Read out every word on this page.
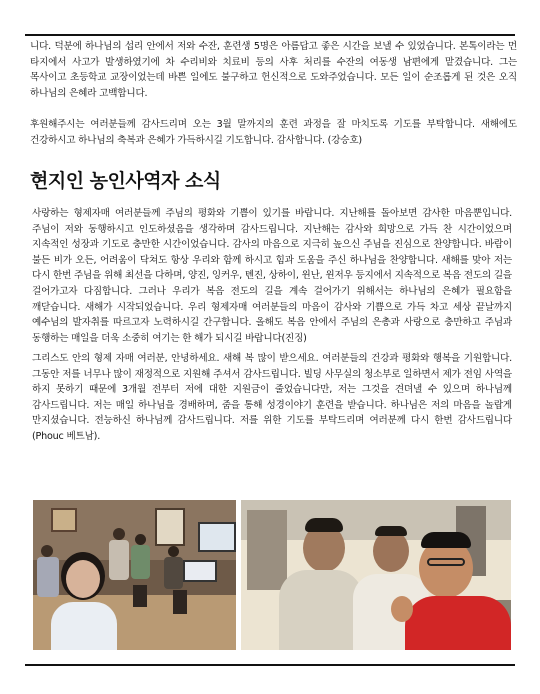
니다. 덕분에 하나님의 섭리 안에서 저와 수잔, 훈련생 5명은 아름답고 좋은 시간을 보낼 수 있었습니다. 본톡이라는 먼 타지에서 사고가 발생하였기에 차 수리비와 치료비 등의 사후 처리를 수잔의 여동생 남편에게 맡겼습니다. 그는 목사이고 초등학교 교장이었는데 바쁜 일에도 불구하고 헌신적으로 도와주었습니다. 모든 일이 순조롭게 된 것은 오직 하나님의 은혜라 고백합니다.

후원해주시는 여러분들께 감사드리며 오는 3월 말까지의 훈련 과정을 잘 마치도록 기도를 부탁합니다. 새해에도 건강하시고 하나님의 축복과 은혜가 가득하시길 기도합니다. 감사합니다. (강승호)

현지인 농인사역자 소식

사랑하는 형제자매 여러분들께 주님의 평화와 기쁨이 있기를 바랍니다. 지난해를 돌아보면 감사한 마음뿐입니다. 주님이 저와 동행하시고 인도하셨음을 생각하며 감사드립니다. 지난해는 감사와 희망으로 가득 찬 시간이었으며 지속적인 성장과 기도로 충만한 시간이었습니다. 감사의 마음으로 지극히 높으신 주님을 진심으로 찬양합니다. 바람이 불든 비가 오든, 어려움이 닥쳐도 항상 우리와 함께 하시고 힘과 도움을 주신 하나님을 찬양합니다. 새해를 맞아 저는 다시 한번 주님을 위해 최선을 다하며, 양진, 잉커우, 톈진, 상하이, 윈난, 윈저우 등지에서 지속적으로 복음 전도의 길을 걸어가고자 다짐합니다. 그러나 우리가 복음 전도의 길을 계속 걸어가기 위해서는 하나님의 은혜가 필요함을 깨닫습니다. 새해가 시작되었습니다. 우리 형제자매 여러분들의 마음이 감사와 기쁨으로 가득 차고 세상 끝날까지 예수님의 발자취를 따르고자 노력하시길 간구합니다. 올해도 복음 안에서 주님의 은총과 사랑으로 충만하고 주님과 동행하는 매일을 더욱 소중히 여기는 한 해가 되시길 바랍니다(진징)

그리스도 안의 형제 자매 여러분, 안녕하세요. 새해 복 많이 받으세요. 여러분들의 건강과 평화와 행복을 기원합니다. 그동안 저를 너무나 많이 재정적으로 지원해 주셔서 감사드립니다. 빌딩 사무실의 청소부로 일하면서 제가 전임 사역을 하지 못하기 때문에 3개월 전부터 저에 대한 지원금이 줄었습니다만, 저는 그것을 견뎌낼 수 있으며 하나님께 감사드립니다. 저는 매일 하나님을 경배하며, 줌을 통해 성경이야기 훈련을 받습니다. 하나님은 저의 마음을 놀랍게 만지셨습니다. 전능하신 하나님께 감사드립니다. 저를 위한 기도를 부탁드리며 여러분께 다시 한번 감사드립니다(Phouc 베트남).
